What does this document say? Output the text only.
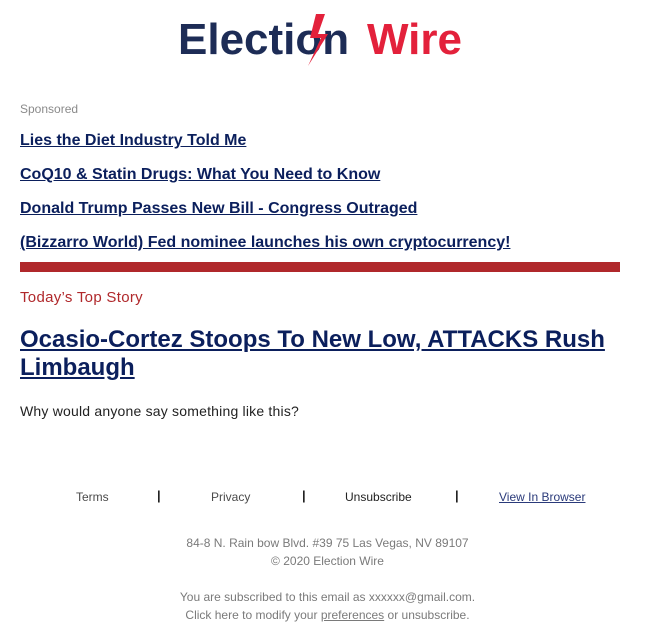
Election Wire
Sponsored
Lies the Diet Industry Told Me
CoQ10 & Statin Drugs: What You Need to Know
Donald Trump Passes New Bill - Congress Outraged
(Bizzarro World) Fed nominee launches his own cryptocurrency!
Today’s Top Story
Ocasio-Cortez Stoops To New Low, ATTACKS Rush Limbaugh
Why would anyone say something like this?
Terms	|	Privacy	|	Unsubscribe	|	View In Browser
84-8 N. Rain bow Blvd. #39 75 Las Vegas, NV 89107
© 2020 Election Wire
You are subscribed to this email as xxxxxx@gmail.com.
Click here to modify your preferences or unsubscribe.
